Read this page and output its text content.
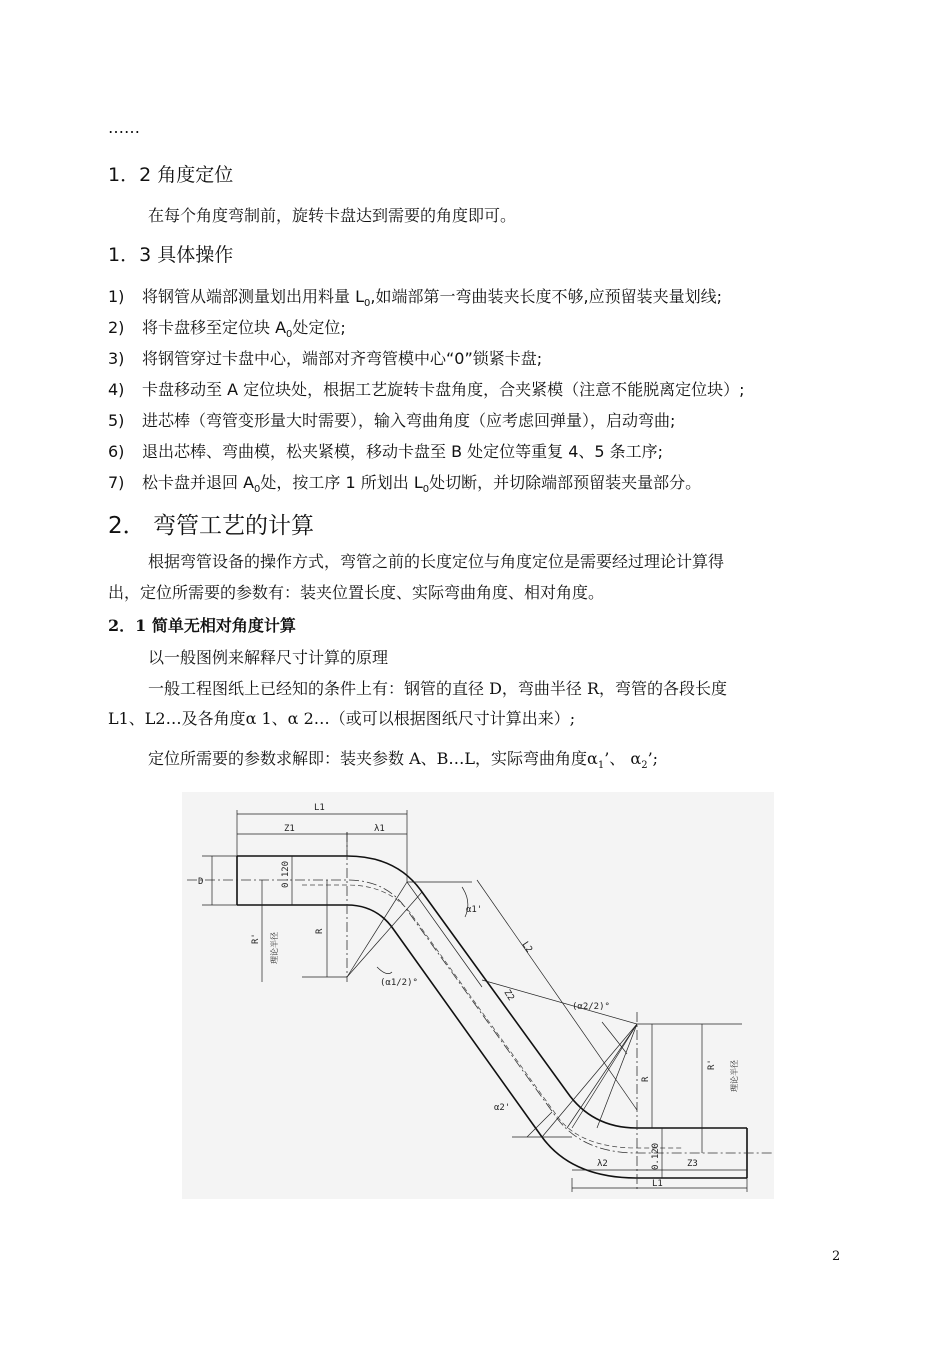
……
1．2 角度定位
在每个角度弯制前，旋转卡盘达到需要的角度即可。
1．3 具体操作
1) 将钢管从端部测量划出用料量 $L_0$,如端部第一弯曲装夹长度不够,应预留装夹量划线;
2) 将卡盘移至定位块 $A_0$处定位;
3) 将钢管穿过卡盘中心，端部对齐弯管模中心“0”锁紧卡盘;
4) 卡盘移动至 A 定位块处，根据工艺旋转卡盘角度，合夹紧模（注意不能脱离定位块）;
5) 进芯棒（弯管变形量大时需要），输入弯曲角度（应考虑回弹量），启动弯曲;
6) 退出芯棒、弯曲模，松夹紧模，移动卡盘至 B 处定位等重复 4、5 条工序;
7) 松卡盘并退回 $A_0$处，按工序 1 所划出 $L_0$处切断，并切除端部预留装夹量部分。
2． 弯管工艺的计算
根据弯管设备的操作方式，弯管之前的长度定位与角度定位是需要经过理论计算得
出，定位所需要的参数有：装夹位置长度、实际弯曲角度、相对角度。
2．1 简单无相对角度计算
以一般图例来解释尺寸计算的原理
一般工程图纸上已经知的条件上有：钢管的直径 D，弯曲半径 R，弯管的各段长度
L1、L2…及各角度α 1、α 2…（或可以根据图纸尺寸计算出来）;
定位所需要的参数求解即：装夹参数 A、B…L，实际弯曲角度$\alpha_1$’、 $\alpha_2$’;
L1
Z1	λ1
D	0.120
R
R' 理论半径
(α1/2)°
α1'
L2
Z2
(α2/2)°
R' 理论半径
R
α2'
0.120
λ2	Z3
L1
2
